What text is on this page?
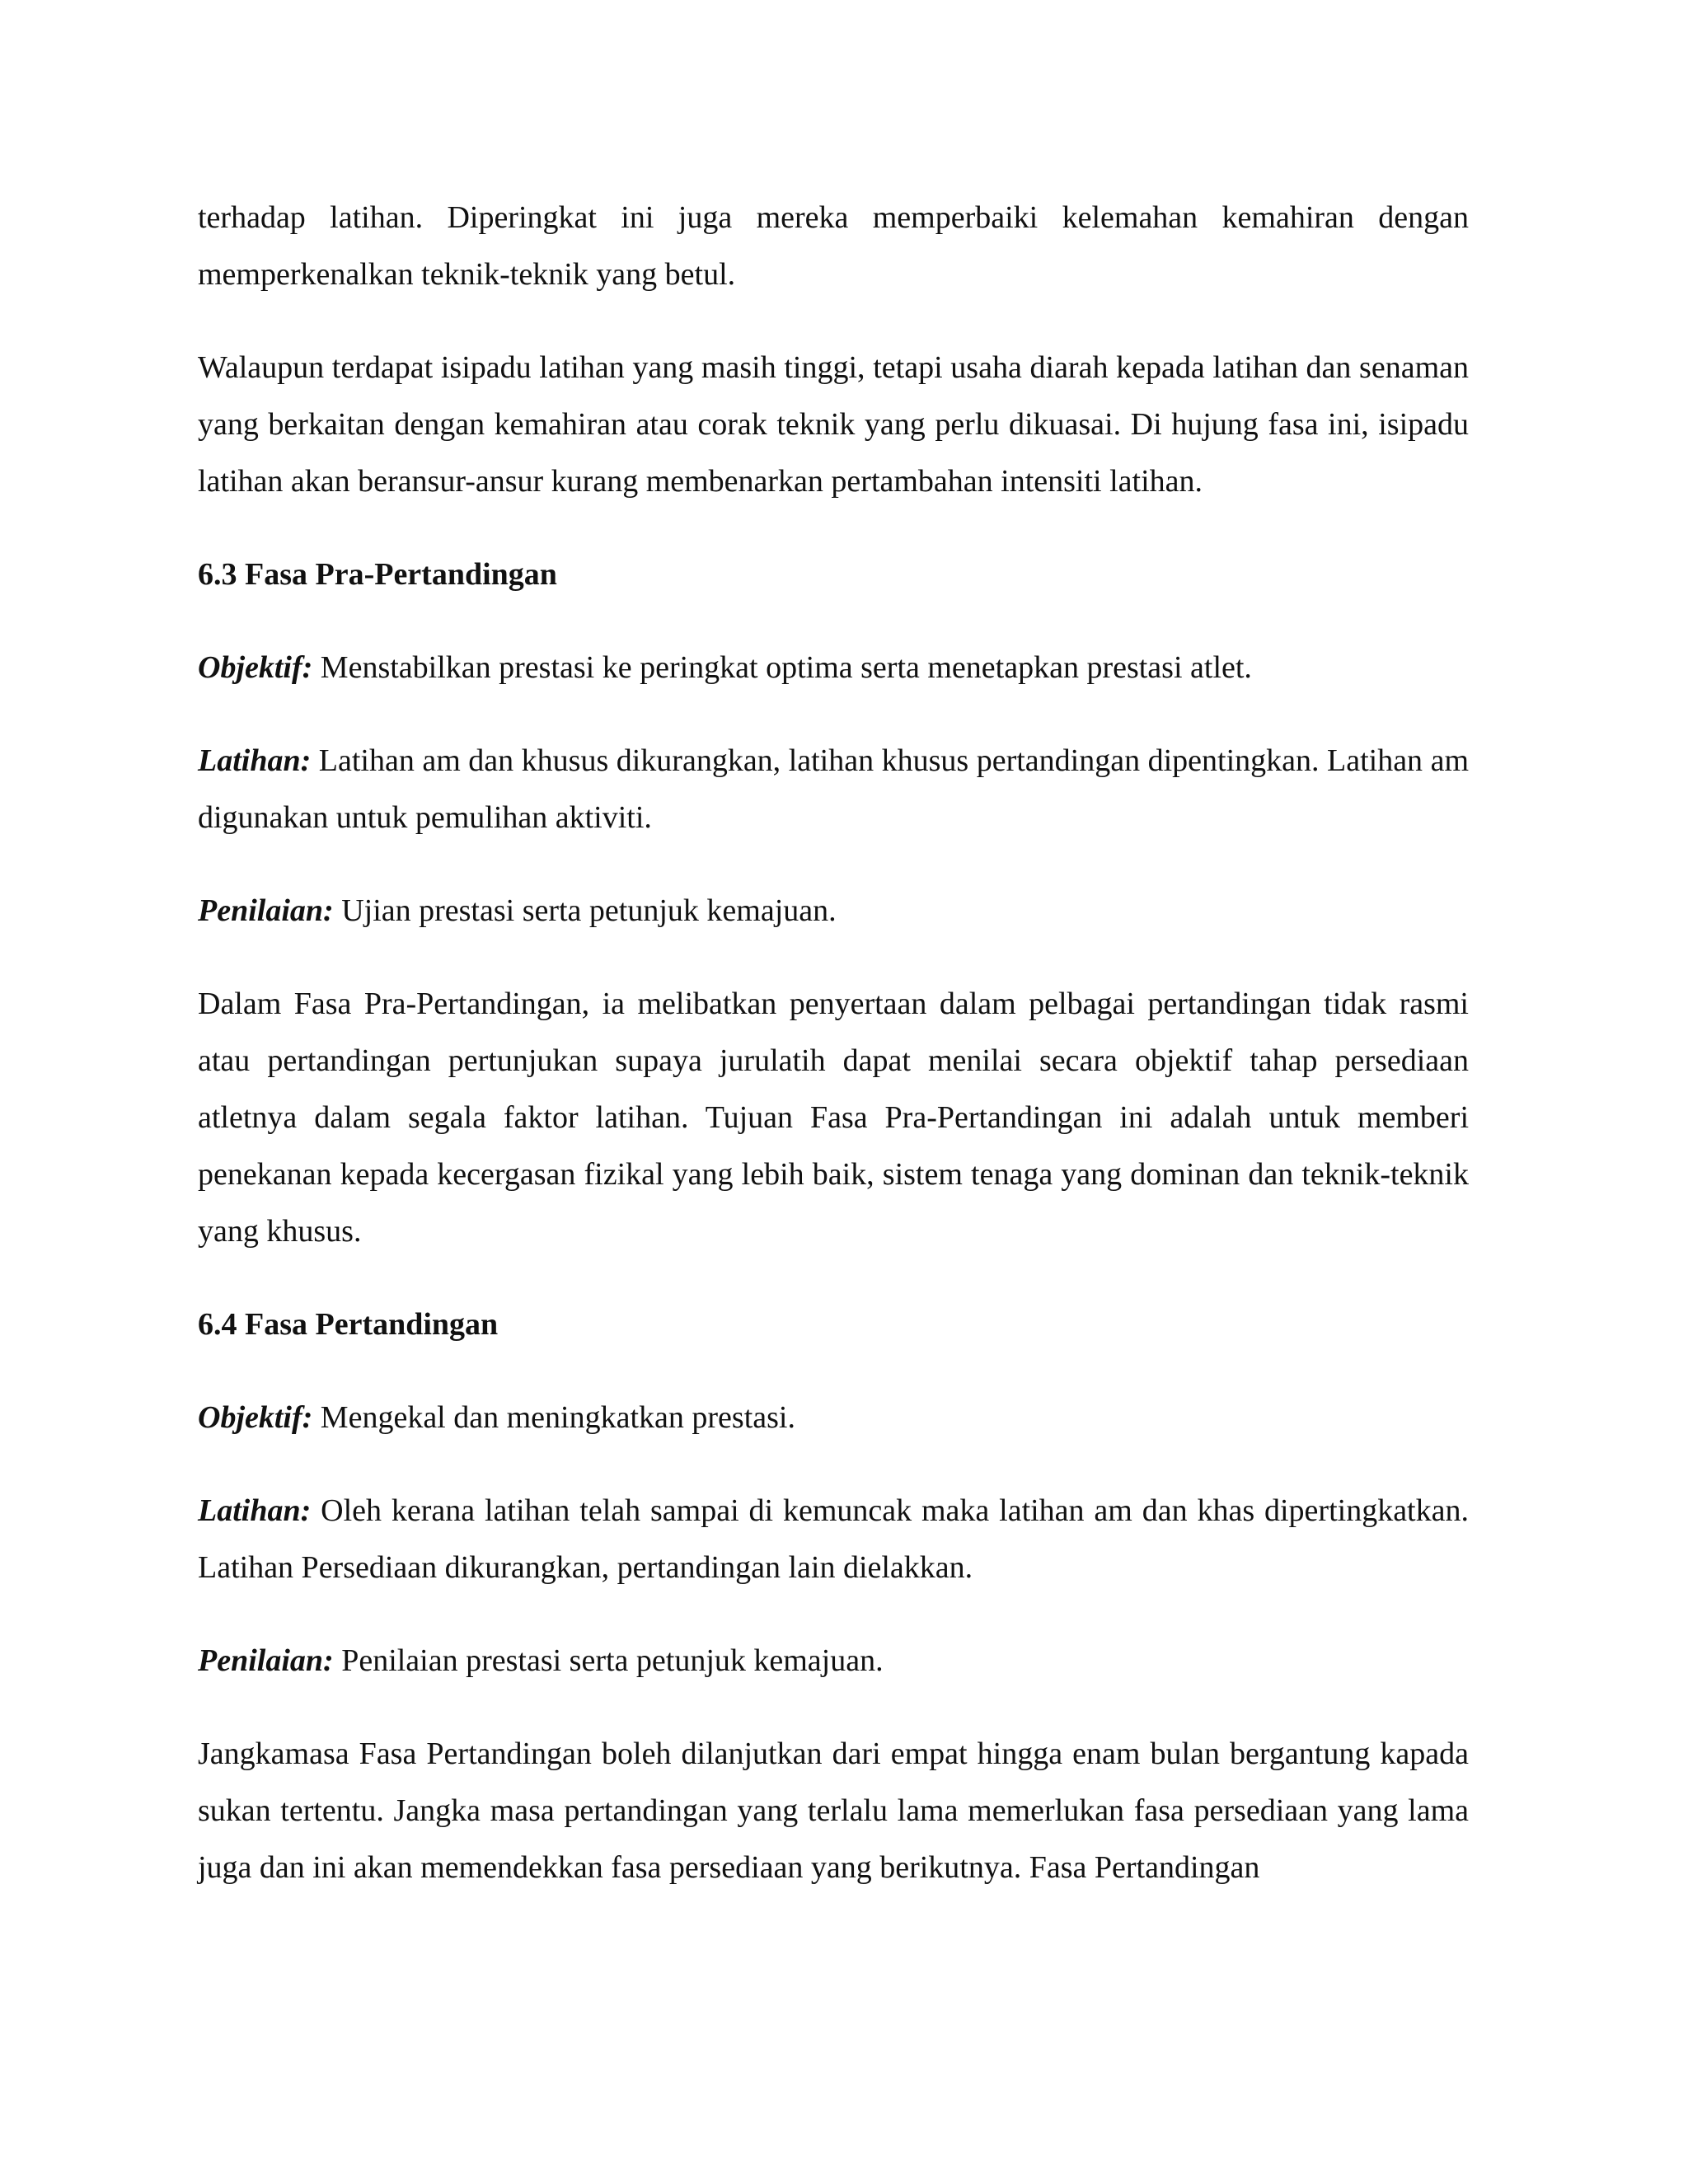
terhadap latihan. Diperingkat ini juga mereka memperbaiki kelemahan kemahiran dengan memperkenalkan teknik-teknik yang betul.

Walaupun terdapat isipadu latihan yang masih tinggi, tetapi usaha diarah kepada latihan dan senaman yang berkaitan dengan kemahiran atau corak teknik yang perlu dikuasai. Di hujung fasa ini, isipadu latihan akan beransur-ansur kurang membenarkan pertambahan intensiti latihan.

6.3 Fasa Pra-Pertandingan

Objektif: Menstabilkan prestasi ke peringkat optima serta menetapkan prestasi atlet.

Latihan: Latihan am dan khusus dikurangkan, latihan khusus pertandingan dipentingkan. Latihan am digunakan untuk pemulihan aktiviti.

Penilaian: Ujian prestasi serta petunjuk kemajuan.

Dalam Fasa Pra-Pertandingan, ia melibatkan penyertaan dalam pelbagai pertandingan tidak rasmi atau pertandingan pertunjukan supaya jurulatih dapat menilai secara objektif tahap persediaan atletnya dalam segala faktor latihan. Tujuan Fasa Pra-Pertandingan ini adalah untuk memberi penekanan kepada kecergasan fizikal yang lebih baik, sistem tenaga yang dominan dan teknik-teknik yang khusus.

6.4 Fasa Pertandingan

Objektif: Mengekal dan meningkatkan prestasi.

Latihan: Oleh kerana latihan telah sampai di kemuncak maka latihan am dan khas dipertingkatkan. Latihan Persediaan dikurangkan, pertandingan lain dielakkan.

Penilaian: Penilaian prestasi serta petunjuk kemajuan.

Jangkamasa Fasa Pertandingan boleh dilanjutkan dari empat hingga enam bulan bergantung kapada sukan tertentu. Jangka masa pertandingan yang terlalu lama memerlukan fasa persediaan yang lama juga dan ini akan memendekkan fasa persediaan yang berikutnya. Fasa Pertandingan
